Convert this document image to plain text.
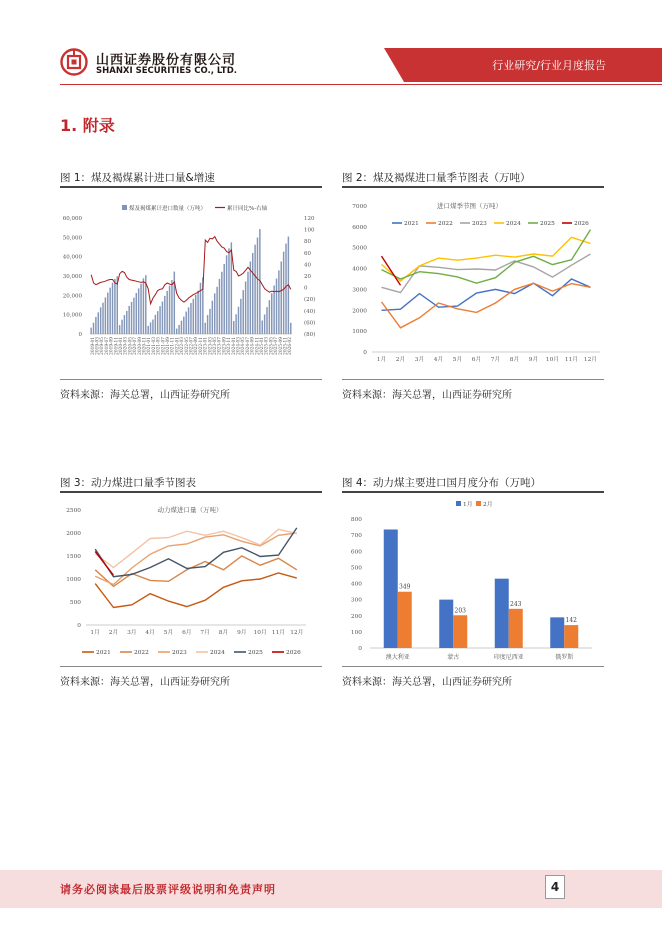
山西证券股份有限公司
SHANXI SECURITIES CO., LTD.	行业研究/行业月度报告
1. 附录
图 1：煤及褐煤累计进口量&增速
煤及褐煤累计进口数量（万吨）	累计同比%-右轴
0
10,000
20,000
30,000
40,000
50,000
60,000	120
100
80
60
40
20
0
(20)
(40)
(60)
(80)
2019-01 2019-03 2019-05 2019-07 2019-09 2019-11 2020-01 2020-03 2020-05 2020-07 2020-09 2020-11 2021-01 2021-03 2021-05 2021-07 2021-09 2021-11 2022-01 2022-03 2022-05 2022-07 2022-09 2022-11 2023-01 2023-03 2023-05 2023-07 2023-09 2023-11 2024-01 2024-03 2024-05 2024-07 2024-09 2024-11 2025-01 2025-03 2025-05 2025-07 2025-09 2025-11 2026-02
资料来源：海关总署，山西证券研究所
图 2：煤及褐煤进口量季节图表（万吨）
0
1000
2000
3000
4000
5000
6000
7000
1月 2月 3月 4月 5月 6月 7月 8月 9月 10月 11月 12月
进口煤季节图（万吨）
2021	2022	2023	2024	2025	2026
资料来源：海关总署，山西证券研究所
图 3：动力煤进口量季节图表
0
500
1000
1500
2000
2500
1月 2月 3月 4月 5月 6月 7月 8月 9月 10月 11月 12月
动力煤进口量（万吨）
2021	2022	2023	2024	2025	2026
资料来源：海关总署，山西证券研究所
图 4：动力煤主要进口国月度分布（万吨）
0
100
200
300
400
500
600
700
800
349
澳大利亚
203
蒙古
243
印度尼西亚
142
俄罗斯
1月 2月
资料来源：海关总署，山西证券研究所
请务必阅读最后股票评级说明和免责声明	4
